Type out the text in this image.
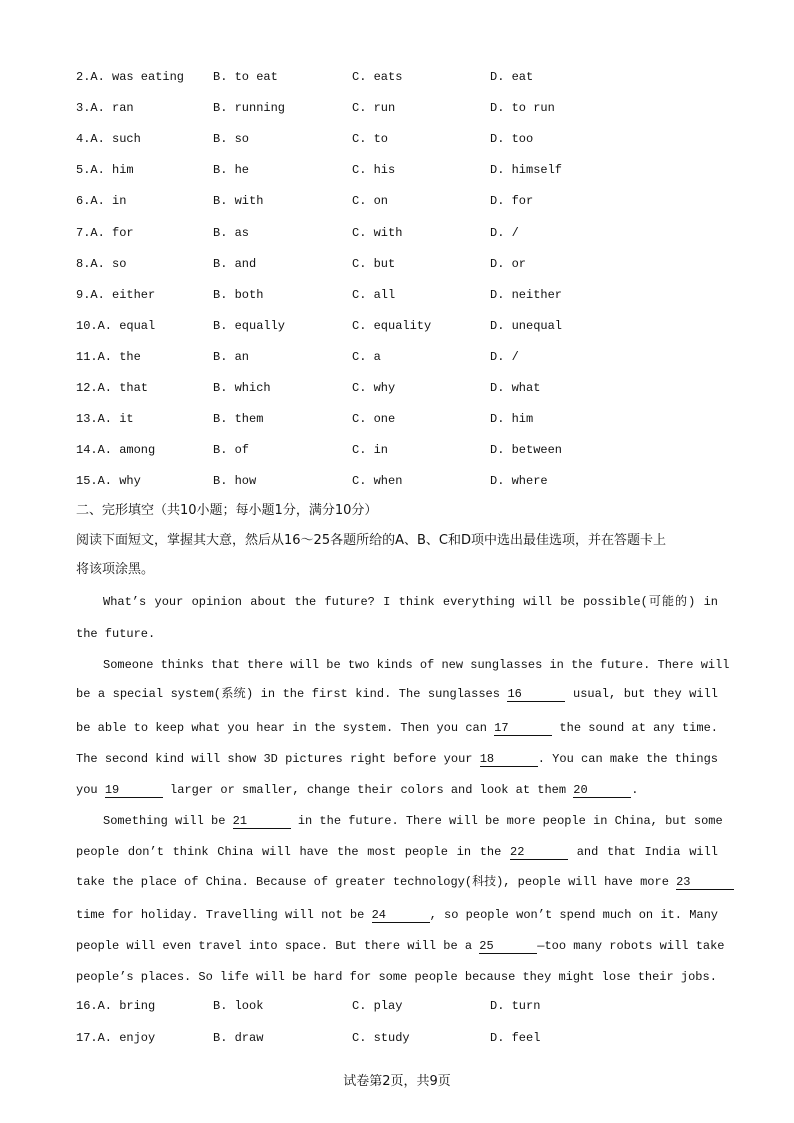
2. A. was eating B. to eat	C. eats	D. eat
3. A. ran	B. running	C. run	D. to run
4. A. such	B. so	C. to	D. too
5. A. him	B. he	C. his	D. himself
6. A. in	B. with	C. on	D. for
7. A. for	B. as	C. with	D. /
8. A. so	B. and	C. but	D. or
9. A. either	B. both	C. all	D. neither
10. A. equal	B. equally	C. equality	D. unequal
11. A. the	B. an	C. a	D. /
12. A. that	B. which	C. why	D. what
13. A. it	B. them	C. one	D. him
14. A. among	B. of	C. in	D. between
15. A. why	B. how	C. when	D. where
二、完形填空（共10小题；每小题1分，满分10分）
阅读下面短文，掌握其大意，然后从16～25各题所给的A、B、C和D项中选出最佳选项，并在答题卡上
将该项涂黑。
What’s your opinion about the future? I think everything will be possible(可能的) in
the future.
Someone thinks that there will be two kinds of new sunglasses in the future. There will
be a special system(系统) in the first kind. The sunglasses 16	usual, but they will
be able to keep what you hear in the system. Then you can 17	the sound at any time.
The second kind will show 3D pictures right before your 18	. You can make the things
you 19	larger or smaller, change their colors and look at them 20	.
Something will be 21	in the future. There will be more people in China, but some
people don’t think China will have the most people in the 22	and that India will
take the place of China. Because of greater technology(科技), people will have more 23
time for holiday. Travelling will not be 24	, so people won’t spend much on it. Many
people will even travel into space. But there will be a 25	—too many robots will take
people’s places. So life will be hard for some people because they might lose their jobs.
16. A. bring	B. look	C. play	D. turn
17. A. enjoy	B. draw	C. study	D. feel
试卷第2页，共9页
